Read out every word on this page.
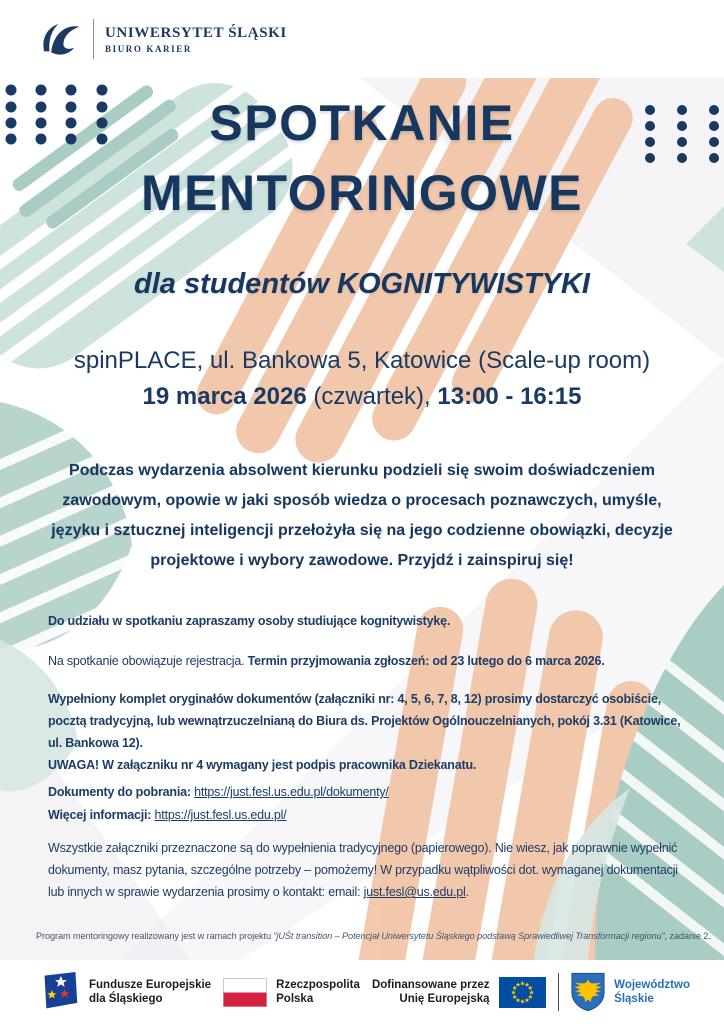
UNIWERSYTET ŚLĄSKI
BIURO KARIER
SPOTKANIE
MENTORINGOWE
dla studentów KOGNITYWISTYKI
spinPLACE, ul. Bankowa 5, Katowice (Scale-up room)
19 marca 2026 (czwartek), 13:00 - 16:15

Podczas wydarzenia absolwent kierunku podzieli się swoim doświadczeniem zawodowym, opowie w jaki sposób wiedza o procesach poznawczych, umyśle, języku i sztucznej inteligencji przełożyła się na jego codzienne obowiązki, decyzje projektowe i wybory zawodowe. Przyjdź i zainspiruj się!

Do udziału w spotkaniu zapraszamy osoby studiujące kognitywistykę.

Na spotkanie obowiązuje rejestracja. Termin przyjmowania zgłoszeń: od 23 lutego do 6 marca 2026.

Wypełniony komplet oryginałów dokumentów (załączniki nr: 4, 5, 6, 7, 8, 12) prosimy dostarczyć osobiście, pocztą tradycyjną, lub wewnątrzuczelnianą do Biura ds. Projektów Ogólnouczelnianych, pokój 3.31 (Katowice, ul. Bankowa 12).
UWAGA! W załączniku nr 4 wymagany jest podpis pracownika Dziekanatu.

Dokumenty do pobrania: https://just.fesl.us.edu.pl/dokumenty/
Więcej informacji: https://just.fesl.us.edu.pl/

Wszystkie załączniki przeznaczone są do wypełnienia tradycyjnego (papierowego). Nie wiesz, jak poprawnie wypełnić dokumenty, masz pytania, szczególne potrzeby – pomożemy! W przypadku wątpliwości dot. wymaganej dokumentacji lub innych w sprawie wydarzenia prosimy o kontakt: email: just.fesl@us.edu.pl.

Program mentoringowy realizowany jest w ramach projektu “jUŚt transition – Potencjał Uniwersytetu Śląskiego podstawą Sprawiedliwej Transformacji regionu”, zadanie 2.

Fundusze Europejskie
dla Śląskiego
Rzeczpospolita
Polska
Dofinansowane przez
Unię Europejską
Województwo
Śląskie
